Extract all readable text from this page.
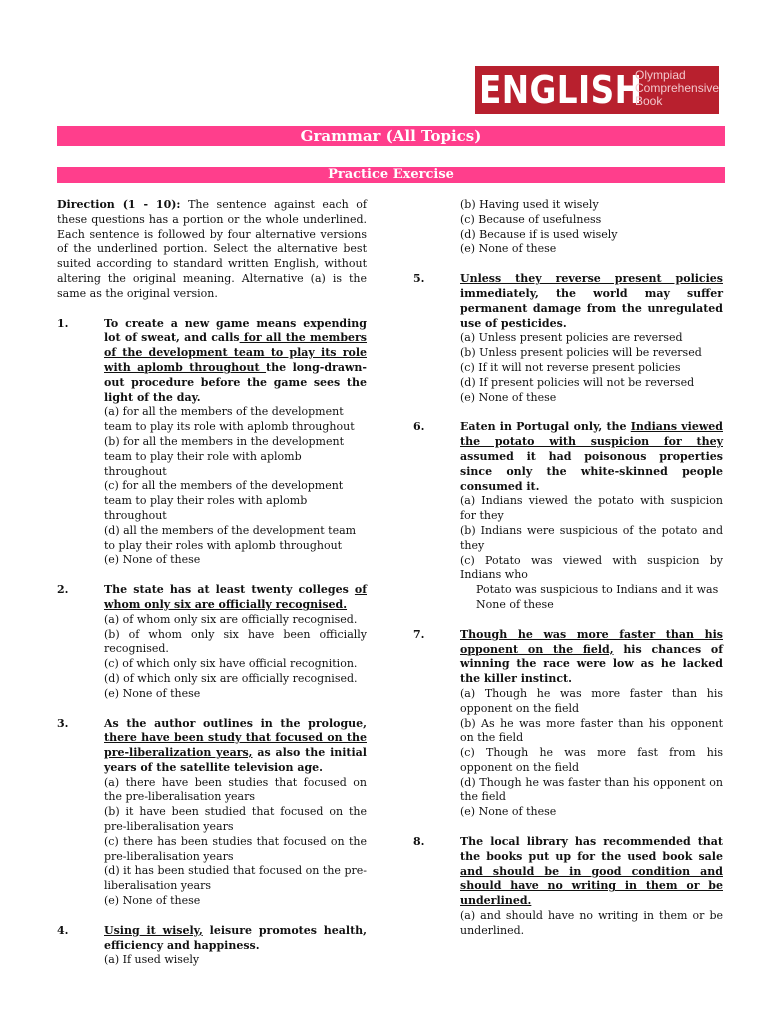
ENGLISH
Olympiad
Comprehensive
Book
Grammar (All Topics)
Practice Exercise

Direction (1 - 10): The sentence against each of these questions has a portion or the whole underlined. Each sentence is followed by four alternative versions of the underlined portion. Select the alternative best suited according to standard written English, without altering the original meaning. Alternative (a) is the same as the original version.

1.	To create a new game means expending lot of sweat, and calls for all the members of the development team to play its role with aplomb throughout the long-drawn-out procedure before the game sees the light of the day.

(a) for all the members of the development team to play its role with aplomb throughout

(b) for all the members in the development team to play their role with aplomb throughout

(c) for all the members of the development team to play their roles with aplomb throughout

(d) all the members of the development team to play their roles with aplomb throughout

(e) None of these

2.	The state has at least twenty colleges of whom only six are officially recognised.

(a) of whom only six are officially recognised.

(b) of whom only six have been officially recognised.

(c) of which only six have official recognition.

(d) of which only six are officially recognised.

(e) None of these

3.	As the author outlines in the prologue, there have been study that focused on the pre-liberalization years, as also the initial years of the satellite television age.

(a) there have been studies that focused on the pre-liberalisation years

(b) it have been studied that focused on the pre-liberalisation years

(c) there has been studies that focused on the pre-liberalisation years

(d) it has been studied that focused on the pre-liberalisation years

(e) None of these

4.	Using it wisely, leisure promotes health, efficiency and happiness.

(a) If used wisely

(b) Having used it wisely

(c) Because of usefulness

(d) Because if is used wisely

(e) None of these

5.	Unless they reverse present policies immediately, the world may suffer permanent damage from the unregulated use of pesticides.

(a) Unless present policies are reversed

(b) Unless present policies will be reversed

(c) If it will not reverse present policies

(d) If present policies will not be reversed

(e) None of these

6.	Eaten in Portugal only, the Indians viewed the potato with suspicion for they assumed it had poisonous properties since only the white-skinned people consumed it.

(a) Indians viewed the potato with suspicion for they

(b) Indians were suspicious of the potato and they

(c) Potato was viewed with suspicion by Indians who

Potato was suspicious to Indians and it was

None of these

7.	Though he was more faster than his opponent on the field, his chances of winning the race were low as he lacked the killer instinct.

(a) Though he was more faster than his opponent on the field

(b) As he was more faster than his opponent on the field

(c) Though he was more fast from his opponent on the field

(d) Though he was faster than his opponent on the field

(e) None of these

8.	The local library has recommended that the books put up for the used book sale and should be in good condition and should have no writing in them or be underlined.

(a) and should have no writing in them or be underlined.
